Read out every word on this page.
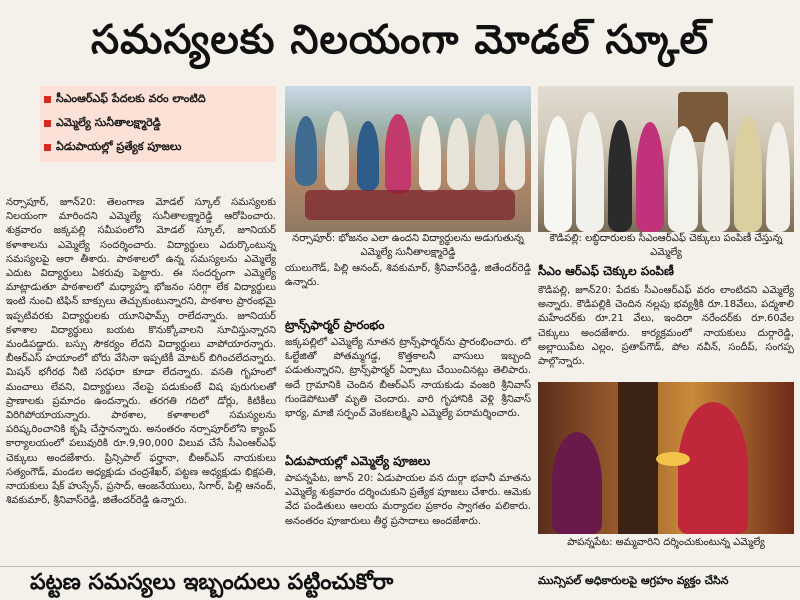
సమస్యలకు నిలయంగా మోడల్ స్కూల్
సీఎంఆర్ఎఫ్ పేదలకు వరం లాంటిది
ఎమ్మెల్యే సునీతాలక్ష్మారెడ్డి
ఏడుపాయల్లో ప్రత్యేక పూజలు
నర్సాపూర్, జూన్20: తెలంగాణ మోడల్ స్కూల్ సమస్యలకు నిలయంగా మారిందని ఎమ్మెల్యే సునీతాలక్ష్మారెడ్డి ఆరోపించారు. శుక్రవారం జక్కపల్లి సమీపంలోని మోడల్ స్కూల్, జూనియర్ కళాశాలను ఎమ్మెల్యే సందర్శించారు. విద్యార్థులు ఎదుర్కొంటున్న సమస్యలపై ఆరా తీశారు. పాఠశాలలో ఉన్న సమస్యలను ఎమ్మెల్యే ఎదుట విద్యార్థులు ఏకరువు పెట్టారు. ఈ సందర్భంగా ఎమ్మెల్యే మాట్లాడుతూ పాఠశాలలో మధ్యాహ్న భోజనం సరిగ్గా లేక విద్యార్థులు ఇంటి నుంచి టిఫిన్ బాక్సులు తెచ్చుకుంటున్నారని, పాఠశాల ప్రారంభమై ఇప్పటివరకు విద్యార్థులకు యూనిఫామ్స్ రాలేదన్నారు. జూనియర్ కళాశాల విద్యార్థులు బయట కొనుక్కోవాలని సూచిస్తున్నారని మండిపడ్డారు. బస్సు సౌకర్యం లేదని విద్యార్థులు వాపోయారన్నారు. బీఆర్ఎస్ హయాంలో బోరు వేసినా ఇప్పటికీ మోటర్ బిగించలేదన్నారు. మిషన్ భగీరథ నీటి సరఫరా కూడా లేదన్నారు. వసతి గృహంలో మంచాలు లేవని, విద్యార్థులు నేలపై పడుకుంటే విష పురుగులతో ప్రాణాలకు ప్రమాదం ఉందన్నారు. తరగతి గదిలో డోర్లు, కిటికీలు విరిగిపోయాయన్నారు. పాఠశాల, కళాశాలలో సమస్యలను పరిష్కరించానికి కృషి చేస్తానన్నారు. అనంతరం నర్సాపూర్‌లోని క్యాంప్ కార్యాలయంలో పలువురికి రూ.9,90,000 విలువ చేసే సీఎంఆర్ఎఫ్ చెక్కులు అందజేశారు. ప్రిన్సిపాల్ ఫర్హానా, బీఆర్ఎస్ నాయకులు సత్యంగౌడ్, మండల అధ్యక్షుడు చంద్రశేఖర్, పట్టణ అధ్యక్షుడు భిక్షపతి, నాయకులు షేక్ హుస్సేన్, ప్రసాద్, ఆంజనేయులు, సిగార్, పిల్లి ఆనంద్, శివకుమార్, శ్రీనివాస్‌రెడ్డి, జితేందర్‌రెడ్డి ఉన్నారు.
నర్సాపూర్: భోజనం ఎలా ఉందని విద్యార్థులను అడుగుతున్న ఎమ్మెల్యే సునీతాలక్ష్మారెడ్డి
కౌడిపల్లి: లబ్ధిదారులకు సీఎంఆర్ఎఫ్ చెక్కులు పంపిణీ చేస్తున్న ఎమ్మెల్యే
సీఎం ఆర్ఎఫ్ చెక్కుల పంపిణీ
కౌడిపల్లి, జూన్20: పేదకు సీఎంఆర్ఎఫ్ వరం లాంటిదని ఎమ్మెల్యే అన్నారు. కౌడిపల్లికి చెందిన నల్లపు భవ్యశ్రీకి రూ.18వేలు, పద్మశాలి మహేందర్‌కు రూ.21 వేలు, ఇందిరా నరేందర్‌కు రూ.60వేల చెక్కులు అందజేశారు. కార్యక్రమంలో నాయకులు దుర్గారెడ్డి, అల్లాయిపేట ఎల్లం, ప్రతాప్‌గౌడ్, పోల నవీన్, సందీప్, సంగప్ప పాల్గొన్నారు.
యులుగౌడ్, పిల్లి ఆనంద్, శివకుమార్, శ్రీనివాస్‌రెడ్డి, జితేందర్‌రెడ్డి ఉన్నారు.
ట్రాన్స్‌ఫార్మర్ ప్రారంభం
జక్కపల్లిలో ఎమ్మెల్యే నూతన ట్రాన్స్‌ఫార్మర్‌ను ప్రారంభించారు. లో ఓల్టేజితో పోతమ్మగడ్డ, కొత్తకాలనీ వాసులు ఇబ్బంది పడుతున్నారని, ట్రాన్స్‌ఫార్మర్ ఏర్పాటు చేయించినట్లు తెలిపారు. అదే గ్రామానికి చెందిన బీఆర్ఎస్ నాయకుడు వంజరి శ్రీనివాస్ గుండెపోటుతో మృతి చెందారు. వారి గృహానికి వెళ్లి శ్రీనివాస్ భార్య, మాజీ సర్పంచ్ వెంకటలక్ష్మిని ఎమ్మెల్యే పరామర్శించారు.
ఏడుపాయల్లో ఎమ్మెల్యే పూజలు
పాపన్నపేట, జూన్ 20: ఏడుపాయల వన దుర్గా భవానీ మాతను ఎమ్మెల్యే శుక్రవారం దర్శించుకుని ప్రత్యేక పూజలు చేశారు. ఆమెకు వేద పండితులు ఆలయ మర్యాదల ప్రకారం స్వాగతం పలికారు. అనంతరం పూజారులు తీర్థ ప్రసాదాలు అందజేశారు.
పాపన్నపేట: అమ్మవారిని దర్శించుకుంటున్న ఎమ్మెల్యే
పట్టణ సమస్యలు ఇబ్బందులు పట్టించుకోరా	మున్సిపల్ అధికారులపై ఆగ్రహం వ్యక్తం చేసిన
